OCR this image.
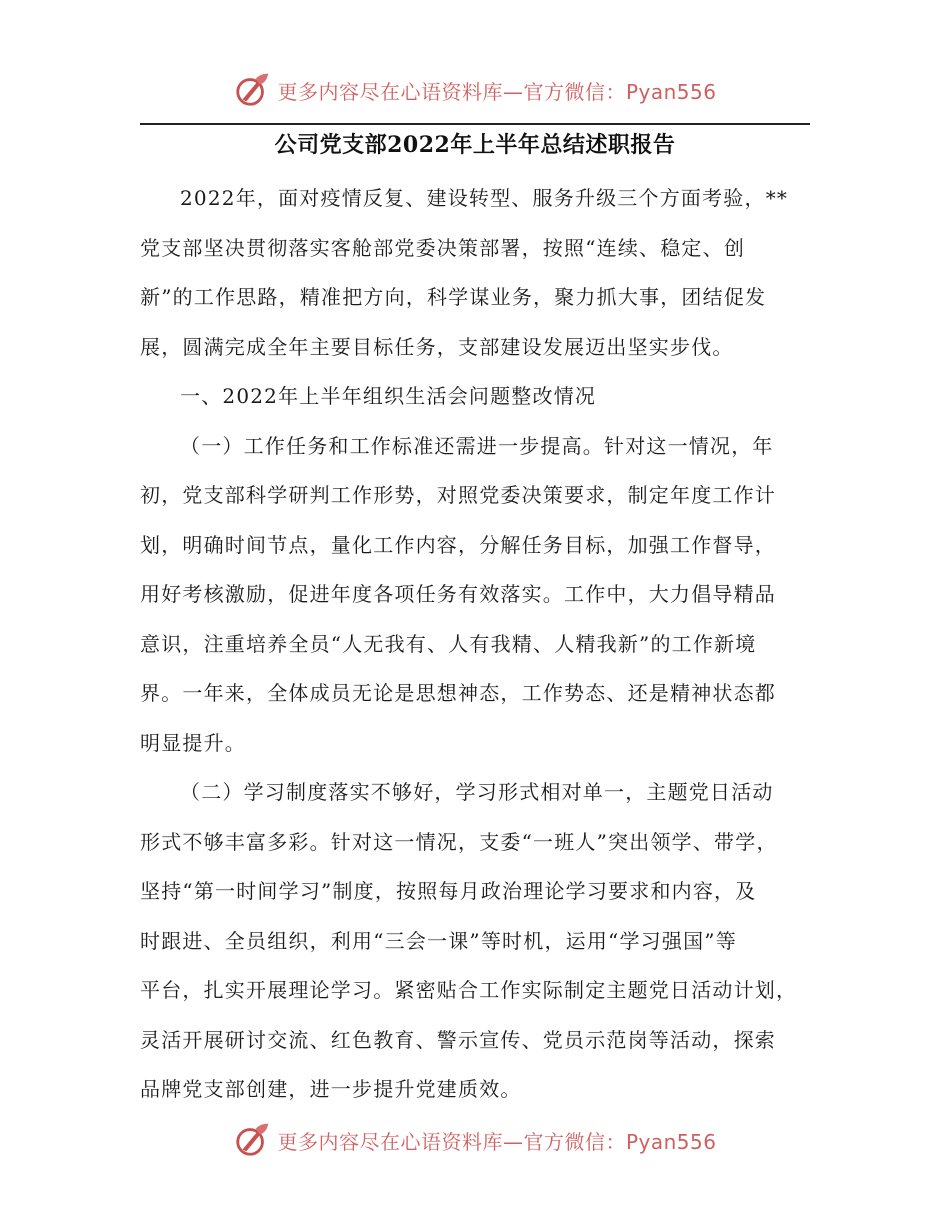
更多内容尽在心语资料库—官方微信：Pyan556
公司党支部2022年上半年总结述职报告

2022年，面对疫情反复、建设转型、服务升级三个方面考验，**
党支部坚决贯彻落实客舱部党委决策部署，按照“连续、稳定、创
新”的工作思路，精准把方向，科学谋业务，聚力抓大事，团结促发
展，圆满完成全年主要目标任务，支部建设发展迈出坚实步伐。

一、2022年上半年组织生活会问题整改情况

（一）工作任务和工作标准还需进一步提高。针对这一情况，年
初，党支部科学研判工作形势，对照党委决策要求，制定年度工作计
划，明确时间节点，量化工作内容，分解任务目标，加强工作督导，
用好考核激励，促进年度各项任务有效落实。工作中，大力倡导精品
意识，注重培养全员“人无我有、人有我精、人精我新”的工作新境
界。一年来，全体成员无论是思想神态，工作势态、还是精神状态都
明显提升。

（二）学习制度落实不够好，学习形式相对单一，主题党日活动
形式不够丰富多彩。针对这一情况，支委“一班人”突出领学、带学，
坚持“第一时间学习”制度，按照每月政治理论学习要求和内容，及
时跟进、全员组织，利用“三会一课”等时机，运用“学习强国”等
平台，扎实开展理论学习。紧密贴合工作实际制定主题党日活动计划，
灵活开展研讨交流、红色教育、警示宣传、党员示范岗等活动，探索
品牌党支部创建，进一步提升党建质效。

更多内容尽在心语资料库—官方微信：Pyan556
